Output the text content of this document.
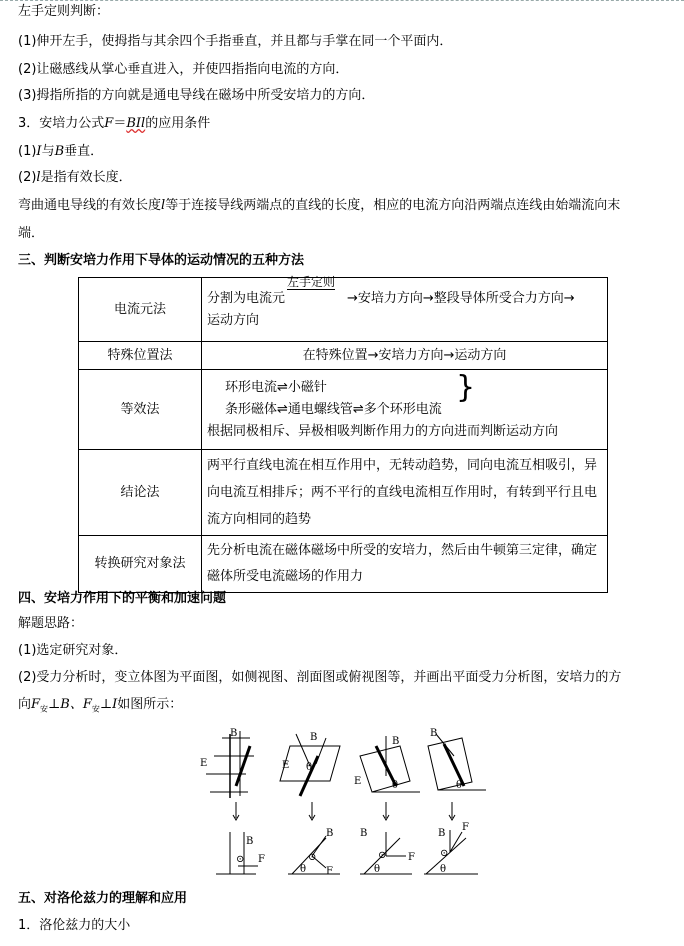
左手定则判断：
(1)伸开左手，使拇指与其余四个手指垂直，并且都与手掌在同一个平面内．
(2)让磁感线从掌心垂直进入，并使四指指向电流的方向．
(3)拇指所指的方向就是通电导线在磁场中所受安培力的方向．
3．安培力公式F＝BIl的应用条件
(1)I与B垂直．
(2)l是指有效长度．
弯曲通电导线的有效长度l等于连接导线两端点的直线的长度，相应的电流方向沿两端点连线由始端流向末
端．
三、判断安培力作用下导体的运动情况的五种方法
电流元法	分割为电流元
左手定则
→安培力方向→整段导体所受合力方向→
运动方向
特殊位置法	在特殊位置→安培力方向→运动方向
等效法	环形电流⇌小磁针
条形磁体⇌通电螺线管⇌多个环形电流
根据同极相斥、异极相吸判断作用力的方向进而判断运动方向

结论法	两平行直线电流在相互作用中，无转动趋势，同向电流互相吸引，异向电流互相排斥；两不平行的直线电流相互作用时，有转到平行且电流方向相同的趋势
转换研究对象法	先分析电流在磁体磁场中所受的安培力，然后由牛顿第三定律，确定磁体所受电流磁场的作用力
}
四、安培力作用下的平衡和加速问题
解题思路：
(1)选定研究对象．
(2)受力分析时，变立体图为平面图，如侧视图、剖面图或俯视图等，并画出平面受力分析图，安培力的方
向$F_安\perp B$、$F_安\perp I$如图所示：
B
E
B
E θ
B
E	θ
B
θ
⊙
B
F	⊙
B
F
θ
⊙
B
F
θ
⊙
B
F
θ
五、对洛伦兹力的理解和应用
1．洛伦兹力的大小
